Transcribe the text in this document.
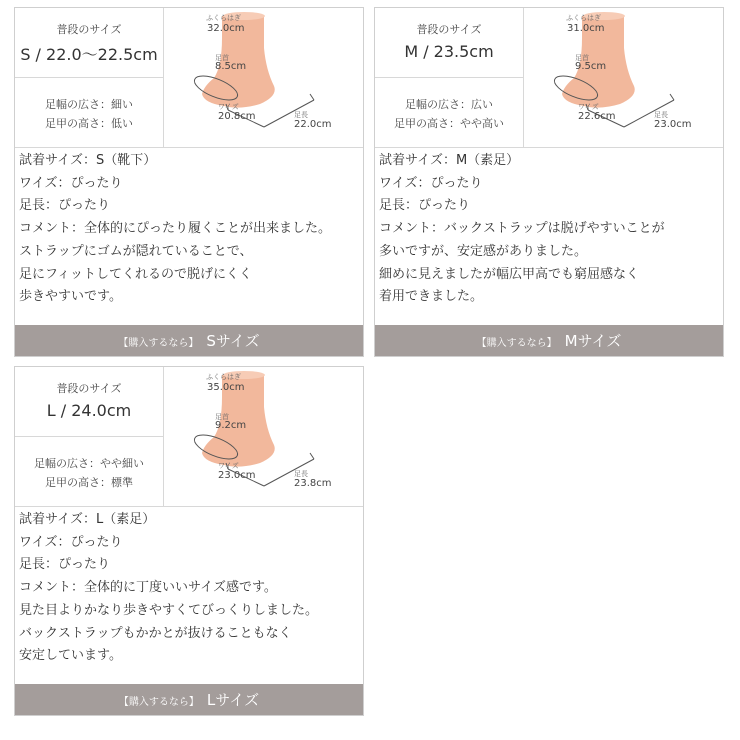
普段のサイズ
S / 22.0〜22.5cm
足幅の広さ：細い
足甲の高さ：低い
ふくらはぎ
32.0cm
足首
8.5cm
ワイズ
20.8cm	足長
22.0cm
試着サイズ：S（靴下）
ワイズ：ぴったり
足長：ぴったり
コメント：全体的にぴったり履くことが出来ました。
ストラップにゴムが隠れていることで、
足にフィットしてくれるので脱げにくく
歩きやすいです。
【購入するなら】 Sサイズ
普段のサイズ
M / 23.5cm
足幅の広さ：広い
足甲の高さ：やや高い
ふくらはぎ
31.0cm
足首
9.5cm
ワイズ
22.6cm	足長
23.0cm
試着サイズ：M（素足）
ワイズ：ぴったり
足長：ぴったり
コメント：バックストラップは脱げやすいことが
多いですが、安定感がありました。
細めに見えましたが幅広甲高でも窮屈感なく
着用できました。
【購入するなら】 Mサイズ
普段のサイズ
L / 24.0cm
足幅の広さ：やや細い
足甲の高さ：標準
ふくらはぎ
35.0cm
足首
9.2cm
ワイズ
23.0cm	足長
23.8cm
試着サイズ：L（素足）
ワイズ：ぴったり
足長：ぴったり
コメント：全体的に丁度いいサイズ感です。
見た目よりかなり歩きやすくてびっくりしました。
バックストラップもかかとが抜けることもなく
安定しています。
【購入するなら】 Lサイズ
